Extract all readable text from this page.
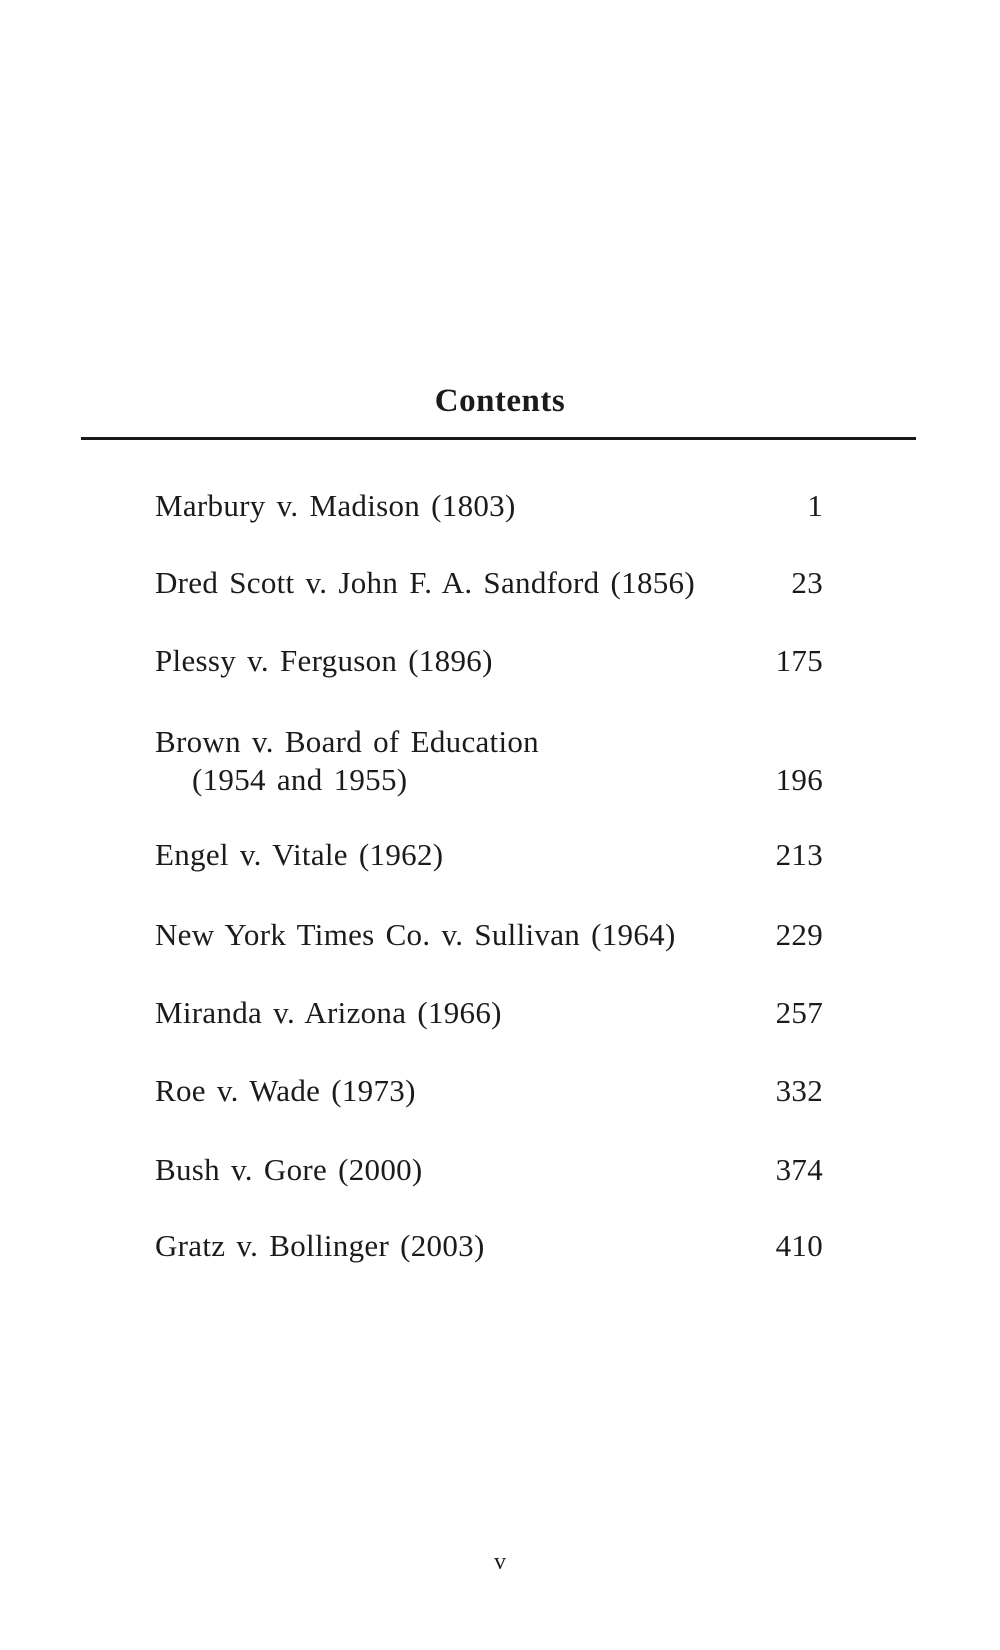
Contents
Marbury v. Madison (1803)	1
Dred Scott v. John F. A. Sandford (1856)	23
Plessy v. Ferguson (1896)	175
Brown v. Board of Education
(1954 and 1955)	196
Engel v. Vitale (1962)	213
New York Times Co. v. Sullivan (1964)	229
Miranda v. Arizona (1966)	257
Roe v. Wade (1973)	332
Bush v. Gore (2000)	374
Gratz v. Bollinger (2003)	410
v
